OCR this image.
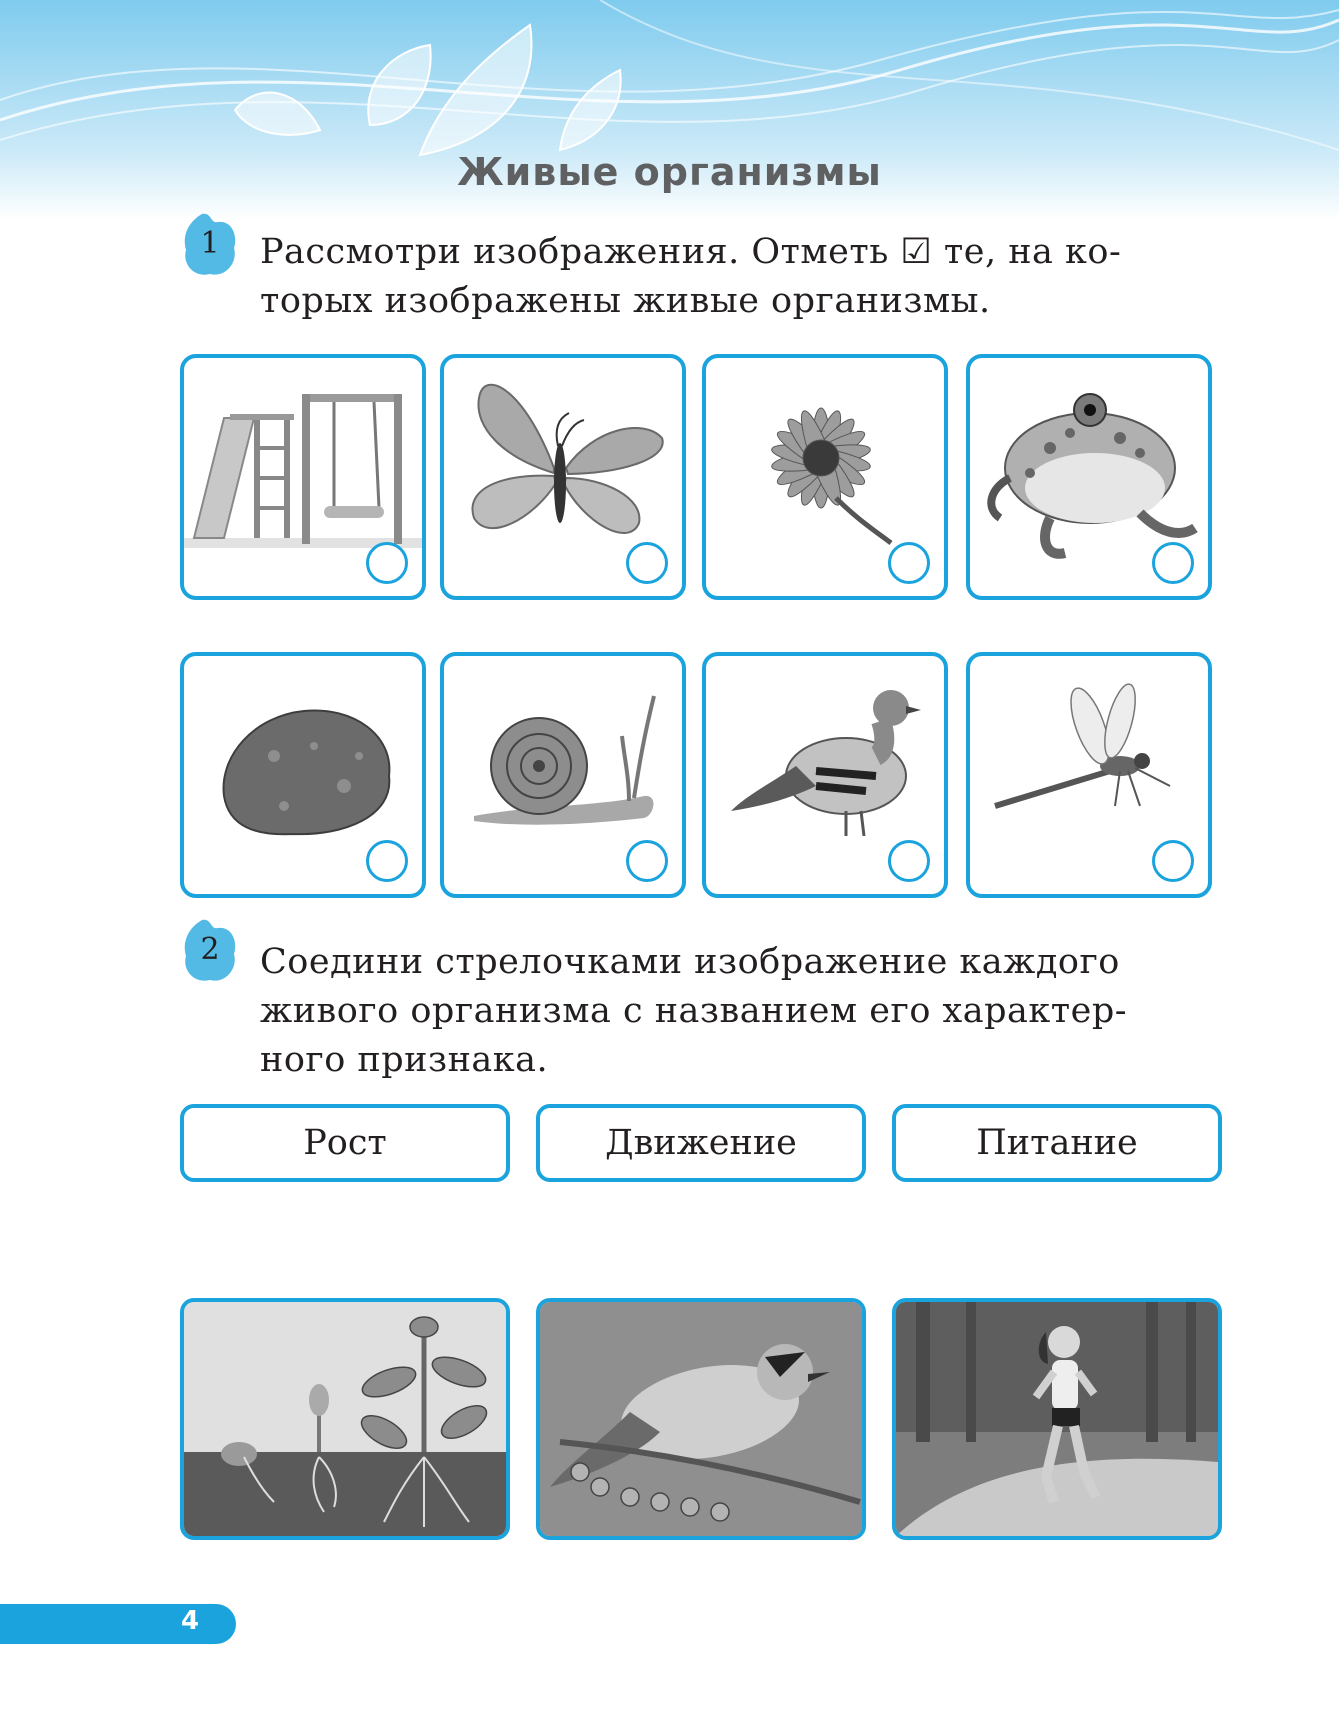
Живые организмы
1	Рассмотри изображения. Отметь ☑ те, на ко-
торых изображены живые организмы.
2	Соедини стрелочками изображение каждого
живого организма с названием его характер-
ного признака.
Рост	Движение	Питание
4
